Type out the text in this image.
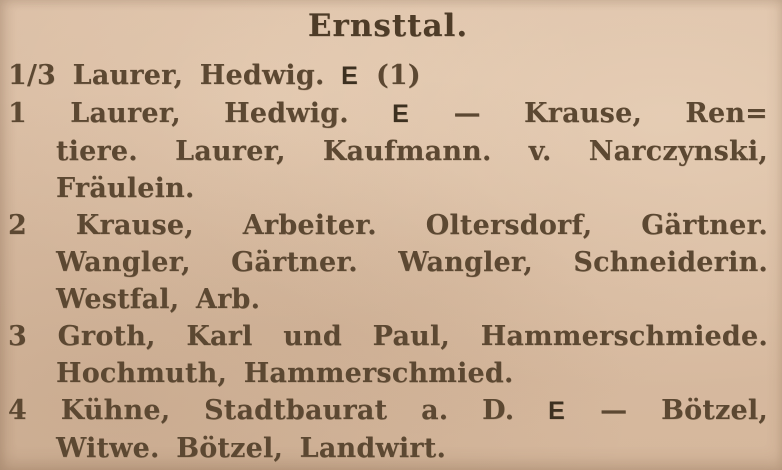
Ernsttal.
1/3 Laurer, Hedwig. E (1)
1 Laurer, Hedwig. E — Krause, Ren=
tiere. Laurer, Kaufmann. v. Narczynski,
Fräulein.
2 Krause, Arbeiter. Oltersdorf, Gärtner.
Wangler, Gärtner. Wangler, Schneiderin.
Westfal, Arb.
3 Groth, Karl und Paul, Hammerschmiede.
Hochmuth, Hammerschmied.
4 Kühne, Stadtbaurat a. D. E — Bötzel,
Witwe. Bötzel, Landwirt.
